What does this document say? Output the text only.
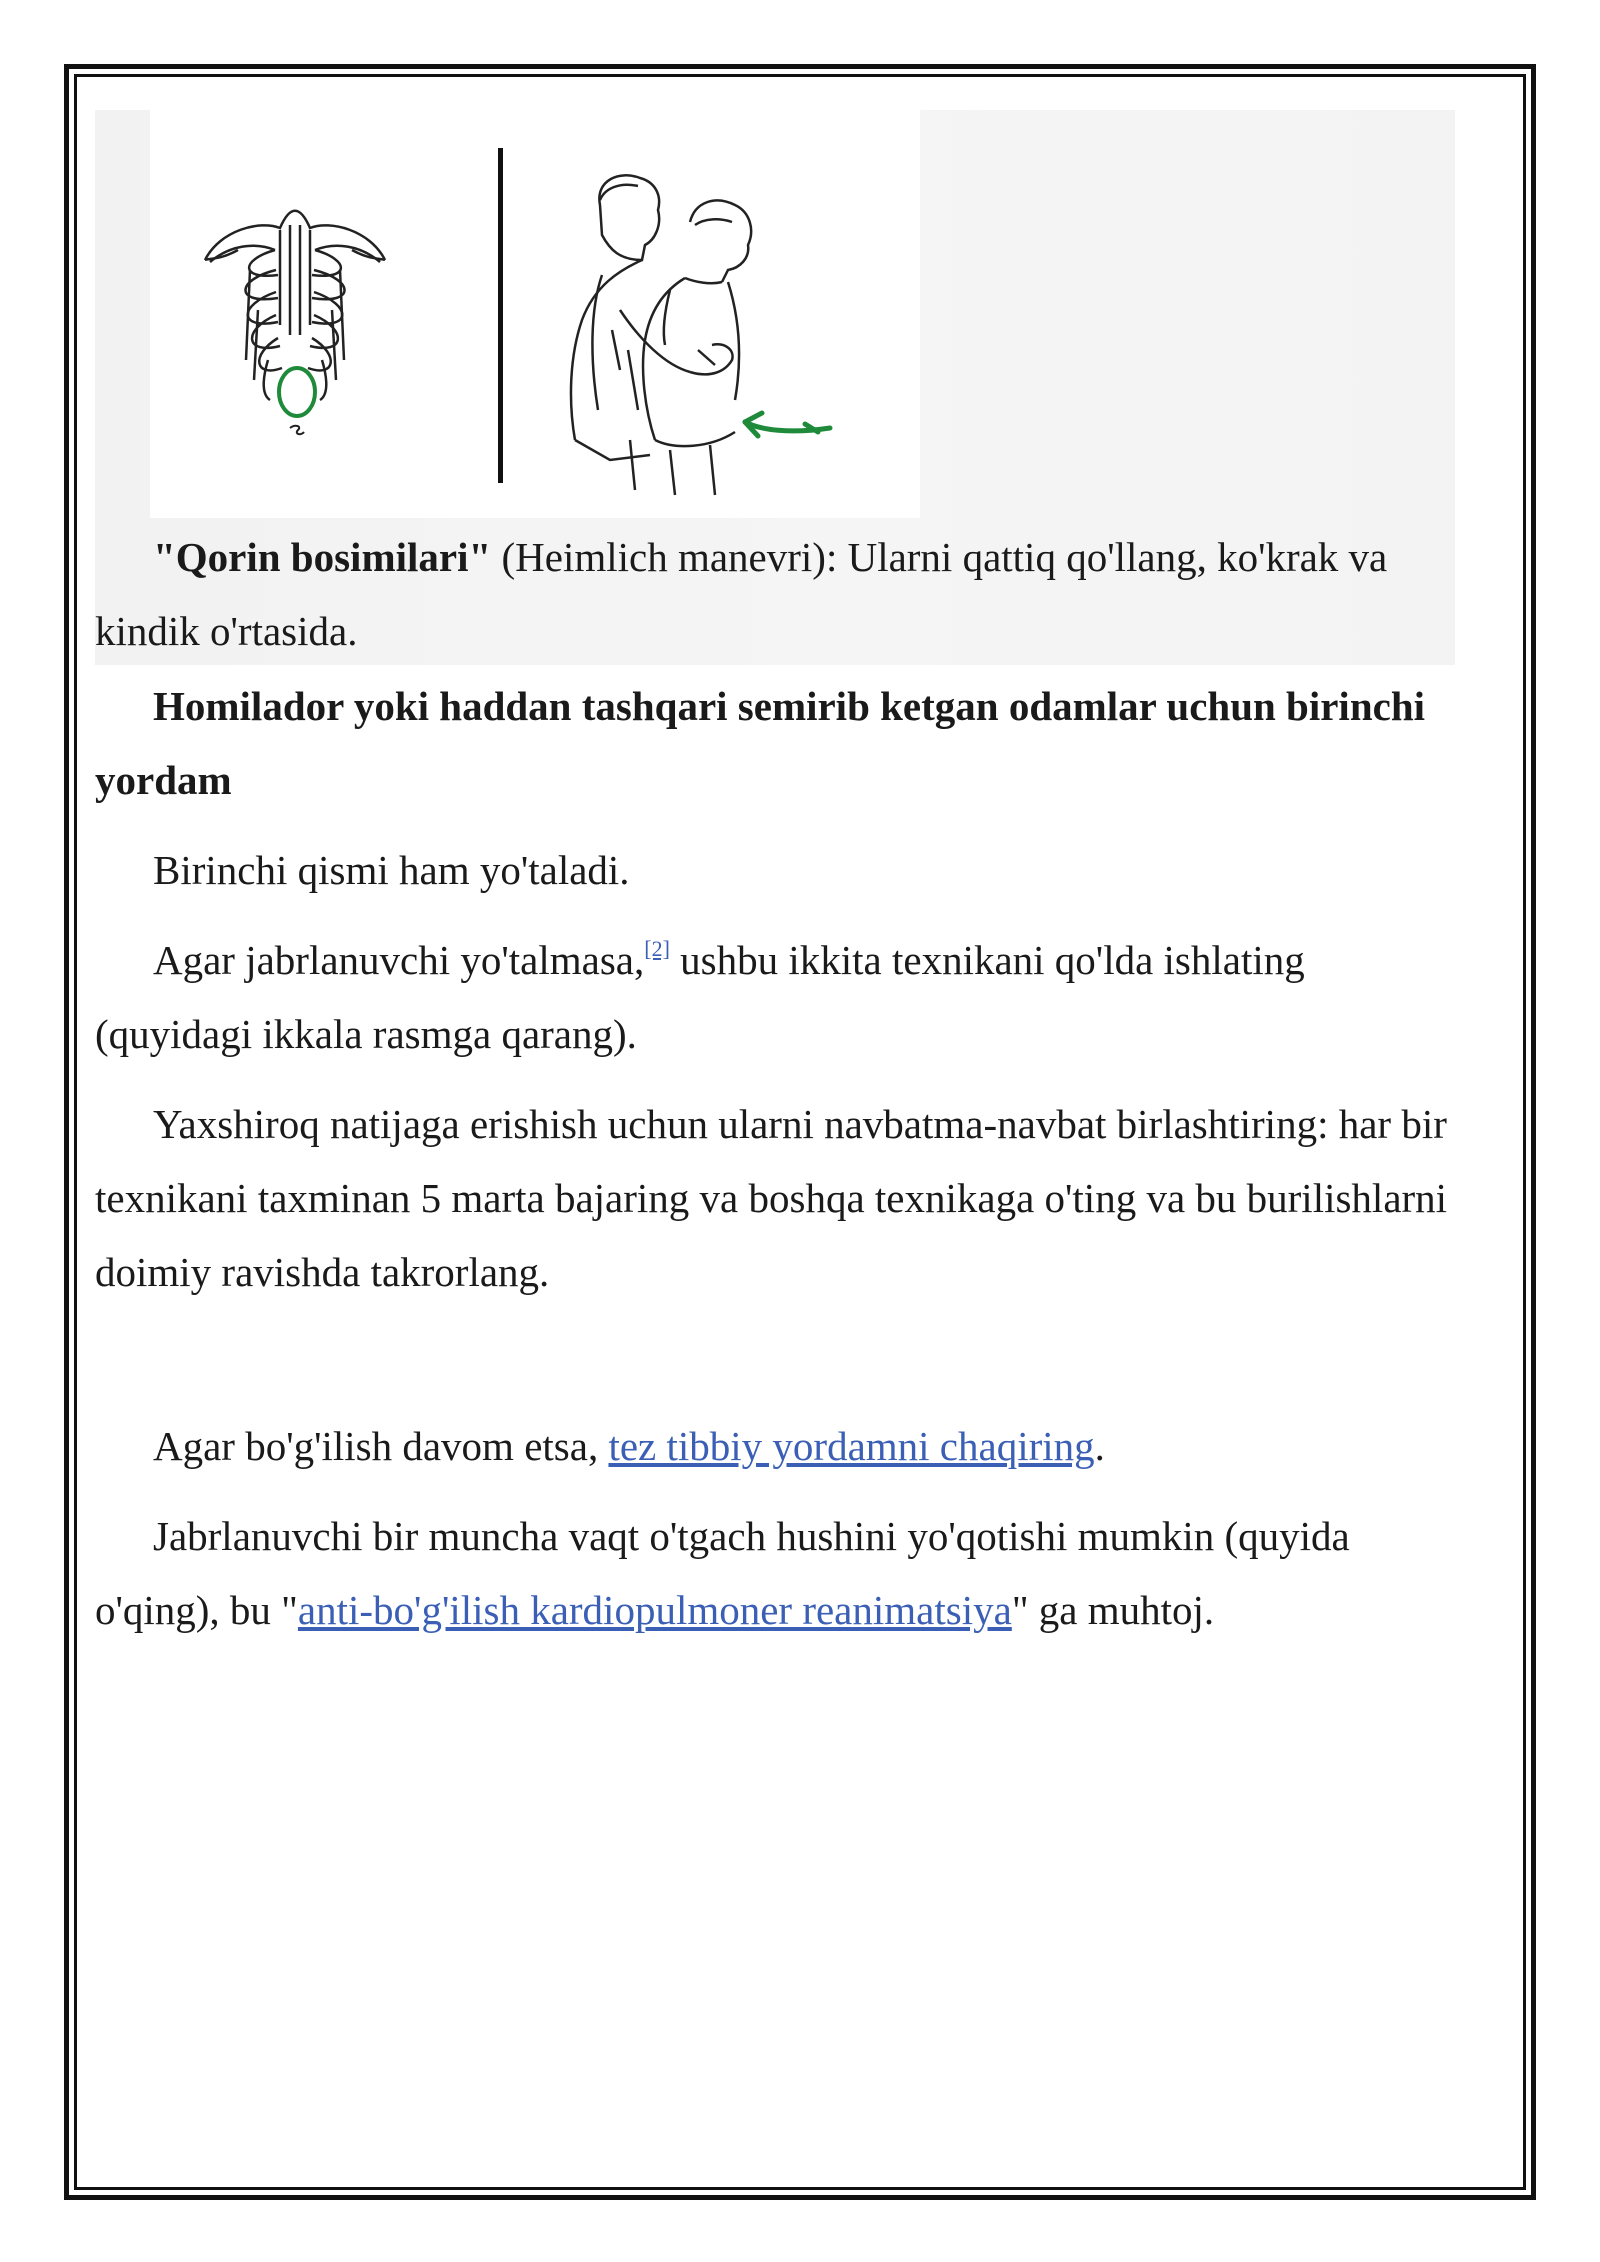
"Qorin bosimilari" (Heimlich manevri): Ularni qattiq qo'llang, ko'krak va kindik o'rtasida.

Homilador yoki haddan tashqari semirib ketgan odamlar uchun birinchi yordam

Birinchi qismi ham yo'taladi.

Agar jabrlanuvchi yo'talmasa,[2] ushbu ikkita texnikani qo'lda ishlating (quyidagi ikkala rasmga qarang).

Yaxshiroq natijaga erishish uchun ularni navbatma-navbat birlashtiring: har bir texnikani taxminan 5 marta bajaring va boshqa texnikaga o'ting va bu burilishlarni doimiy ravishda takrorlang.

Agar bo'g'ilish davom etsa, tez tibbiy yordamni chaqiring.

Jabrlanuvchi bir muncha vaqt o'tgach hushini yo'qotishi mumkin (quyida o'qing), bu "anti-bo'g'ilish kardiopulmoner reanimatsiya" ga muhtoj.
